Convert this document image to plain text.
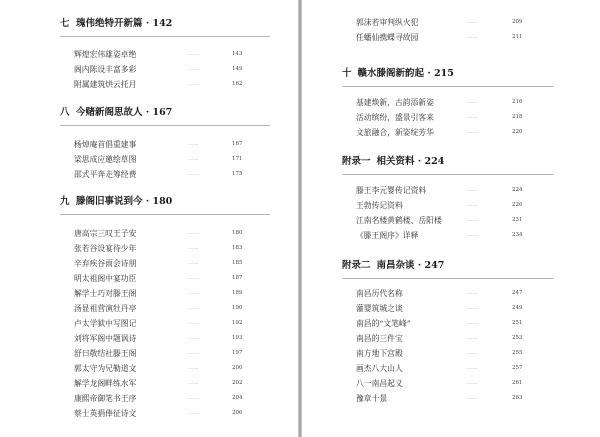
七 瑰伟绝特开新篇 · 142
辉煌宏伟雄姿卓绝	……	143
阁内陈设丰富多彩	……	149
附属建筑烘云托月	……	162
八 今赌新阁思故人 · 167
杨焯庵首倡重建事	……	167
梁思成应邀绘草图	……	171
邵式平奔走筹经费	……	175
九 滕阁旧事说到今 · 180
唐高宗三叹王子安	……	180
张若谷设宴待少年	……	183
辛弃疾谷雨会诗朋	……	185
明太祖阁中宴功臣	……	187
解学士巧对滕王阁	……	189
汤显祖营演牡丹亭	……	190
卢太学狱中写图记	……	192
刘将军阁中题讽诗	……	193
舒曰敬结社滕王阁	……	197
郭太守为兄勒道文	……	200
解学龙阁畔练水军	……	202
康熙帝御笔书王序	……	204
蔡士英捐俸征诗文	……	206
郭沫若审判纵火犯	……	209
任蟠仙携蝶寻故园	……	211
十 赣水滕阁新韵起 · 215
基建焕新，古韵添新姿	……	216
活动缤纷，盛景引客来	……	218
文旅融合，新姿绽芳华	……	220
附录一 相关资料 · 224
滕王李元婴传记资料	……	224
王勃传记资料	……	226
江南名楼黄鹤楼、岳阳楼	……	231
《滕王阁序》详释	……	234
附录二 南昌杂谈 · 247
南昌历代名称	……	247
灌婴筑城之谈	……	249
南昌的“文笔峰”	……	251
南昌的三件宝	……	253
南方地下宫殿	……	255
画杰八大山人	……	257
八一南昌起义	……	261
豫章十景	……	263
